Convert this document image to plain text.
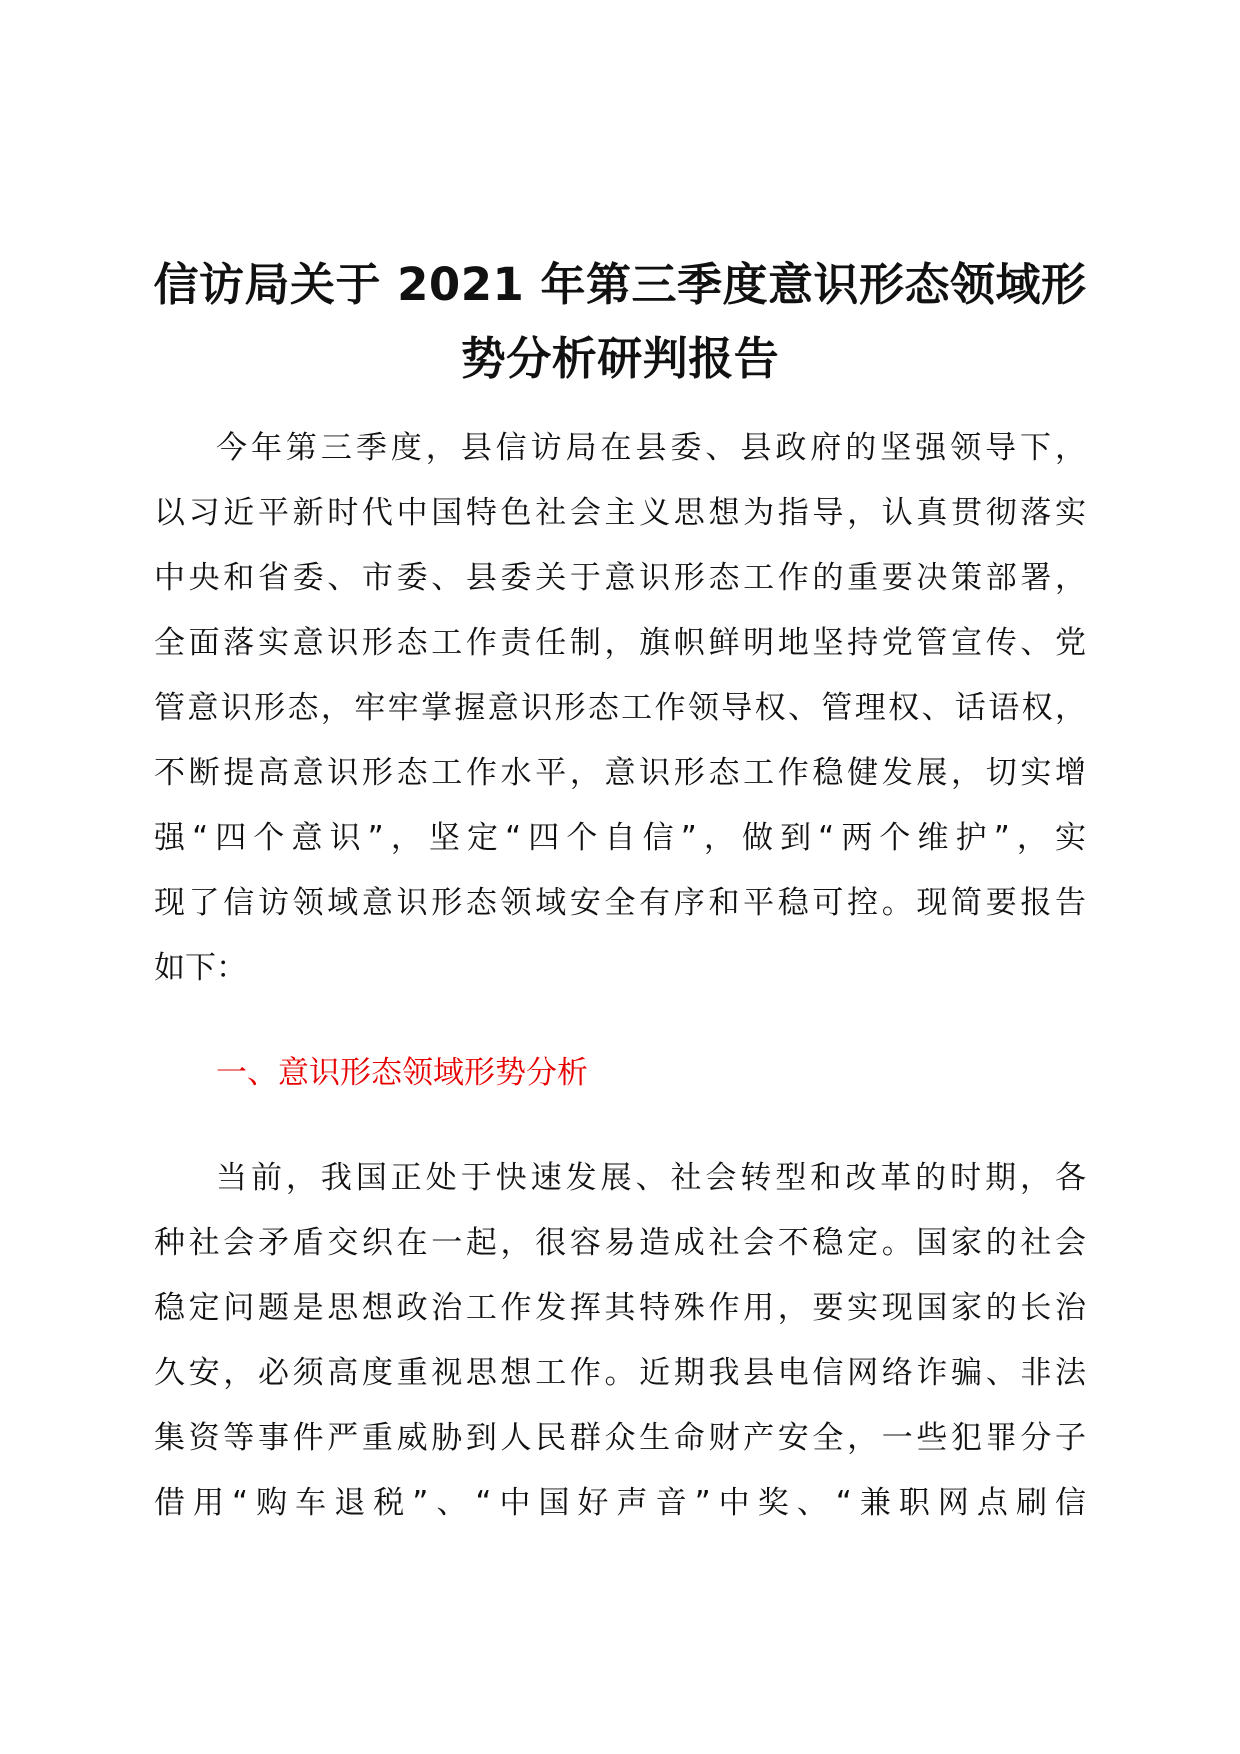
信访局关于 2021 年第三季度意识形态领域形
势分析研判报告
今年第三季度，县信访局在县委、县政府的坚强领导下，
以习近平新时代中国特色社会主义思想为指导，认真贯彻落实
中央和省委、市委、县委关于意识形态工作的重要决策部署，
全面落实意识形态工作责任制，旗帜鲜明地坚持党管宣传、党
管意识形态，牢牢掌握意识形态工作领导权、管理权、话语权，
不断提高意识形态工作水平，意识形态工作稳健发展，切实增
强“四个意识”，坚定“四个自信”，做到“两个维护”，实
现了信访领域意识形态领域安全有序和平稳可控。现简要报告
如下：
一、意识形态领域形势分析
当前，我国正处于快速发展、社会转型和改革的时期，各
种社会矛盾交织在一起，很容易造成社会不稳定。国家的社会
稳定问题是思想政治工作发挥其特殊作用，要实现国家的长治
久安，必须高度重视思想工作。近期我县电信网络诈骗、非法
集资等事件严重威胁到人民群众生命财产安全，一些犯罪分子
借用“购车退税”、“中国好声音”中奖、“兼职网点刷信
